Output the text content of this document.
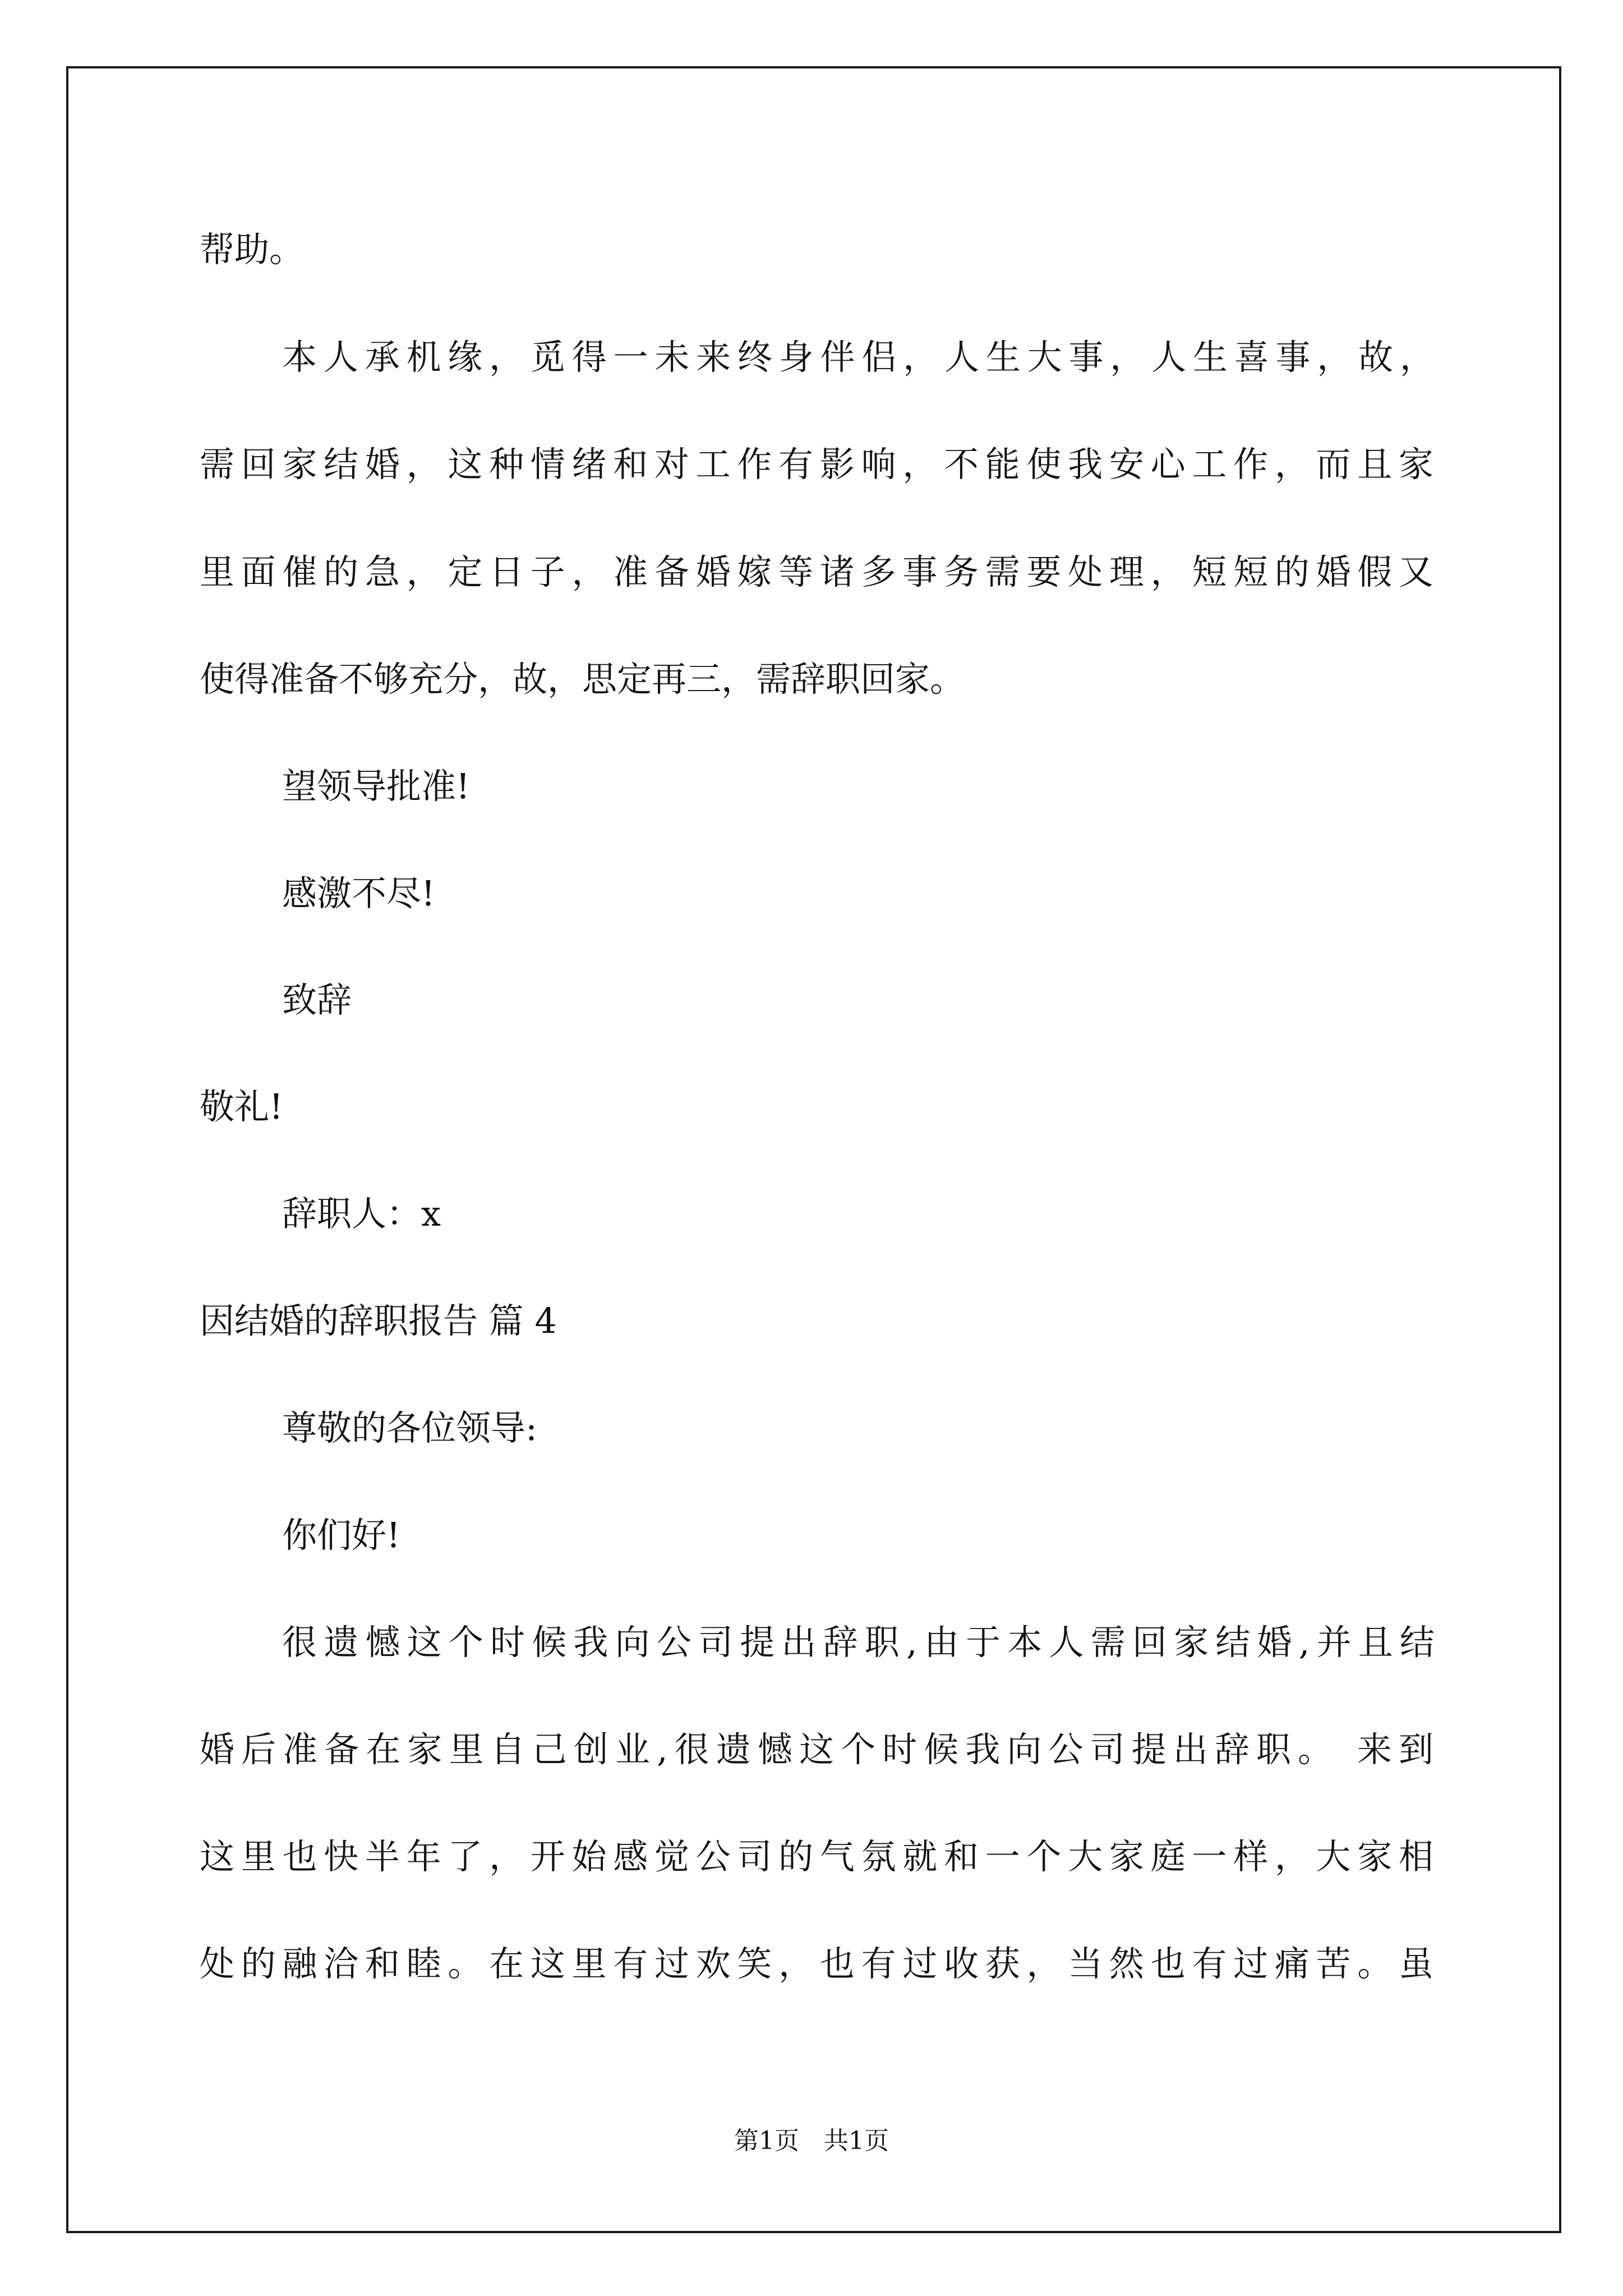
帮助。
本人承机缘，觅得一未来终身伴侣，人生大事，人生喜事，故，
需回家结婚，这种情绪和对工作有影响，不能使我安心工作，而且家
里面催的急，定日子，准备婚嫁等诸多事务需要处理，短短的婚假又
使得准备不够充分，故，思定再三，需辞职回家。
望领导批准!
感激不尽!
致辞
敬礼!
辞职人：x
因结婚的辞职报告 篇 4
尊敬的各位领导:
你们好!
很遗憾这个时候我向公司提出辞职,由于本人需回家结婚,并且结
婚后准备在家里自己创业,很遗憾这个时候我向公司提出辞职。 来到
这里也快半年了，开始感觉公司的气氛就和一个大家庭一样，大家相
处的融洽和睦。在这里有过欢笑，也有过收获，当然也有过痛苦。虽
第1页　共1页
